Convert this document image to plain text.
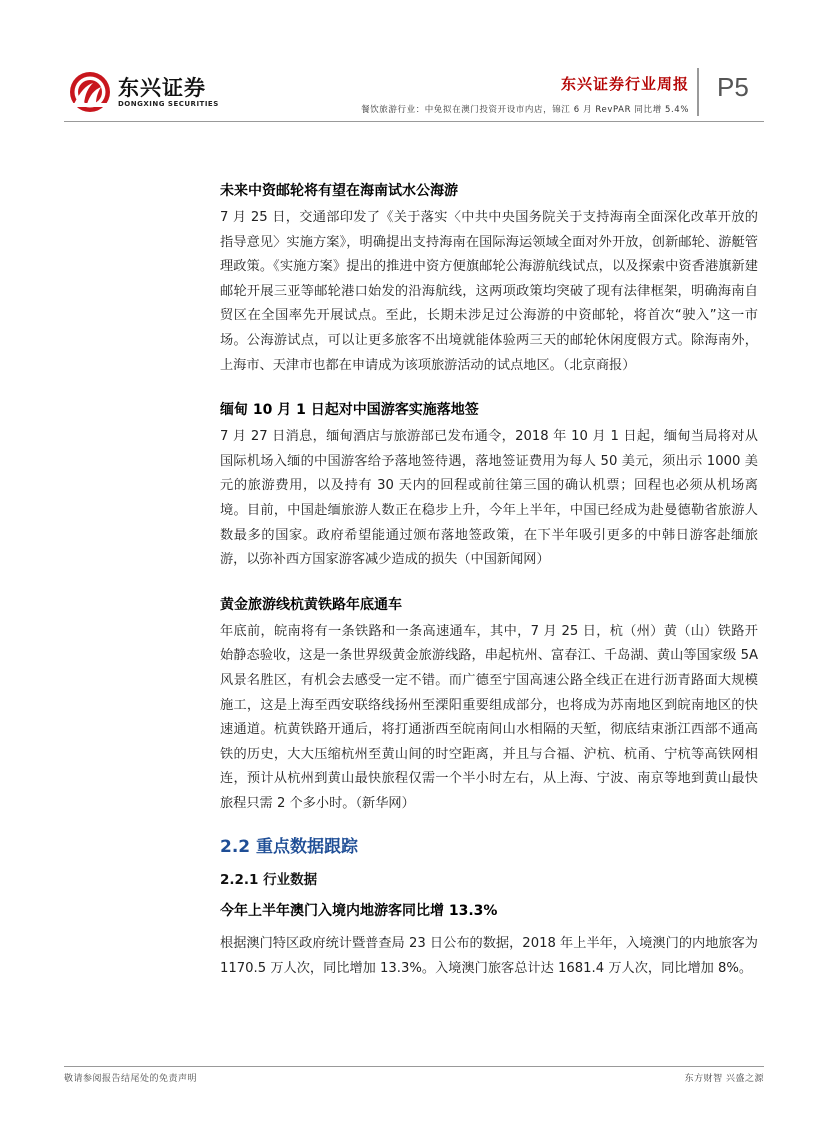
东兴证券
DONGXING SECURITIES
东兴证券行业周报
餐饮旅游行业：中免拟在澳门投资开设市内店，锦江 6 月 RevPAR 同比增 5.4%
P5
未来中资邮轮将有望在海南试水公海游

7 月 25 日，交通部印发了《关于落实〈中共中央国务院关于支持海南全面深化改革开放的指导意见〉实施方案》，明确提出支持海南在国际海运领域全面对外开放，创新邮轮、游艇管理政策。《实施方案》提出的推进中资方便旗邮轮公海游航线试点，以及探索中资香港旗新建邮轮开展三亚等邮轮港口始发的沿海航线，这两项政策均突破了现有法律框架，明确海南自贸区在全国率先开展试点。至此，长期未涉足过公海游的中资邮轮，将首次“驶入”这一市场。公海游试点，可以让更多旅客不出境就能体验两三天的邮轮休闲度假方式。除海南外，上海市、天津市也都在申请成为该项旅游活动的试点地区。（北京商报）

缅甸 10 月 1 日起对中国游客实施落地签

7 月 27 日消息，缅甸酒店与旅游部已发布通令，2018 年 10 月 1 日起，缅甸当局将对从国际机场入缅的中国游客给予落地签待遇，落地签证费用为每人 50 美元，须出示 1000 美元的旅游费用，以及持有 30 天内的回程或前往第三国的确认机票；回程也必须从机场离境。目前，中国赴缅旅游人数正在稳步上升，今年上半年，中国已经成为赴曼德勒省旅游人数最多的国家。政府希望能通过颁布落地签政策，在下半年吸引更多的中韩日游客赴缅旅游，以弥补西方国家游客减少造成的损失（中国新闻网）

黄金旅游线杭黄铁路年底通车

年底前，皖南将有一条铁路和一条高速通车，其中，7 月 25 日，杭（州）黄（山）铁路开始静态验收，这是一条世界级黄金旅游线路，串起杭州、富春江、千岛湖、黄山等国家级 5A 风景名胜区，有机会去感受一定不错。而广德至宁国高速公路全线正在进行沥青路面大规模施工，这是上海至西安联络线扬州至溧阳重要组成部分，也将成为苏南地区到皖南地区的快速通道。杭黄铁路开通后，将打通浙西至皖南间山水相隔的天堑，彻底结束浙江西部不通高铁的历史，大大压缩杭州至黄山间的时空距离，并且与合福、沪杭、杭甬、宁杭等高铁网相连，预计从杭州到黄山最快旅程仅需一个半小时左右，从上海、宁波、南京等地到黄山最快旅程只需 2 个多小时。（新华网）

2.2 重点数据跟踪
2.2.1 行业数据
今年上半年澳门入境内地游客同比增 13.3%

根据澳门特区政府统计暨普查局 23 日公布的数据，2018 年上半年，入境澳门的内地旅客为 1170.5 万人次，同比增加 13.3%。入境澳门旅客总计达 1681.4 万人次，同比增加 8%。

敬请参阅报告结尾处的免责声明	东方财智 兴盛之源
